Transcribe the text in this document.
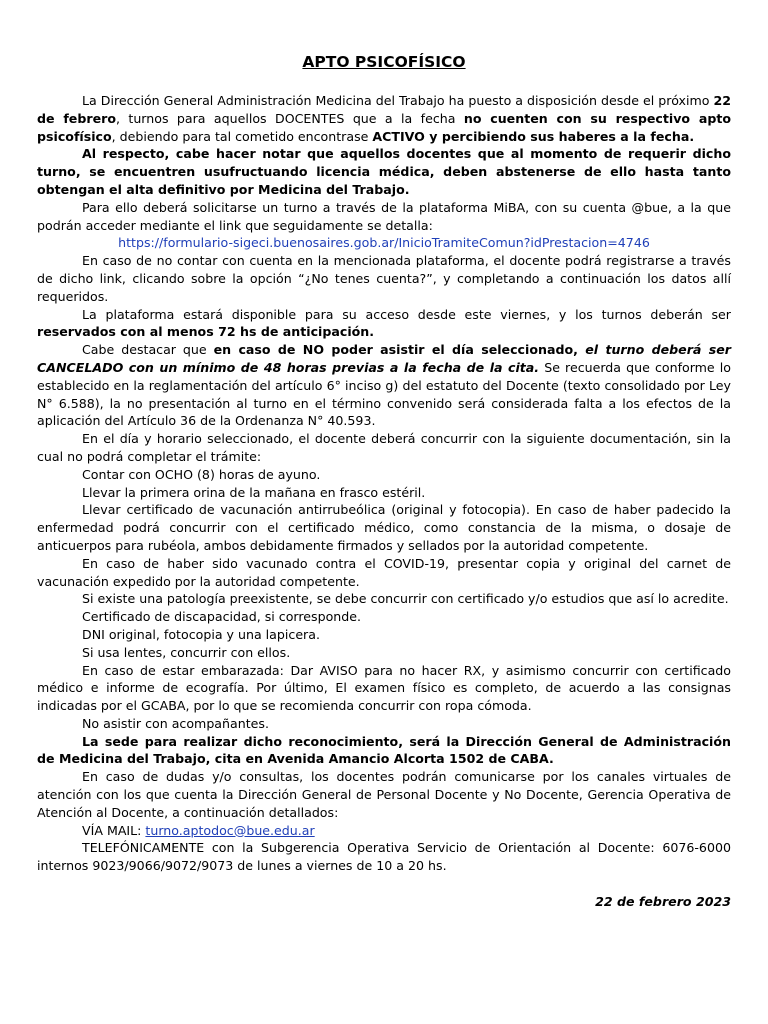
APTO PSICOFÍSICO

La Dirección General Administración Medicina del Trabajo ha puesto a disposición desde el próximo 22 de febrero, turnos para aquellos DOCENTES que a la fecha no cuenten con su respectivo apto psicofísico, debiendo para tal cometido encontrase ACTIVO y percibiendo sus haberes a la fecha.

Al respecto, cabe hacer notar que aquellos docentes que al momento de requerir dicho turno, se encuentren usufructuando licencia médica, deben abstenerse de ello hasta tanto obtengan el alta definitivo por Medicina del Trabajo.

Para ello deberá solicitarse un turno a través de la plataforma MiBA, con su cuenta @bue, a la que podrán acceder mediante el link que seguidamente se detalla:

https://formulario-sigeci.buenosaires.gob.ar/InicioTramiteComun?idPrestacion=4746

En caso de no contar con cuenta en la mencionada plataforma, el docente podrá registrarse a través de dicho link, clicando sobre la opción “¿No tenes cuenta?”, y completando a continuación los datos allí requeridos.

La plataforma estará disponible para su acceso desde este viernes, y los turnos deberán ser reservados con al menos 72 hs de anticipación.

Cabe destacar que en caso de NO poder asistir el día seleccionado, el turno deberá ser CANCELADO con un mínimo de 48 horas previas a la fecha de la cita. Se recuerda que conforme lo establecido en la reglamentación del artículo 6° inciso g) del estatuto del Docente (texto consolidado por Ley N° 6.588), la no presentación al turno en el término convenido será considerada falta a los efectos de la aplicación del Artículo 36 de la Ordenanza N° 40.593.

En el día y horario seleccionado, el docente deberá concurrir con la siguiente documentación, sin la cual no podrá completar el trámite:

Contar con OCHO (8) horas de ayuno.

Llevar la primera orina de la mañana en frasco estéril.

Llevar certificado de vacunación antirrubeólica (original y fotocopia). En caso de haber padecido la enfermedad podrá concurrir con el certificado médico, como constancia de la misma, o dosaje de anticuerpos para rubéola, ambos debidamente firmados y sellados por la autoridad competente.

En caso de haber sido vacunado contra el COVID-19, presentar copia y original del carnet de vacunación expedido por la autoridad competente.

Si existe una patología preexistente, se debe concurrir con certificado y/o estudios que así lo acredite.

Certificado de discapacidad, si corresponde.

DNI original, fotocopia y una lapicera.

Si usa lentes, concurrir con ellos.

En caso de estar embarazada: Dar AVISO para no hacer RX, y asimismo concurrir con certificado médico e informe de ecografía. Por último, El examen físico es completo, de acuerdo a las consignas indicadas por el GCABA, por lo que se recomienda concurrir con ropa cómoda.

No asistir con acompañantes.

La sede para realizar dicho reconocimiento, será la Dirección General de Administración de Medicina del Trabajo, cita en Avenida Amancio Alcorta 1502 de CABA.

En caso de dudas y/o consultas, los docentes podrán comunicarse por los canales virtuales de atención con los que cuenta la Dirección General de Personal Docente y No Docente, Gerencia Operativa de Atención al Docente, a continuación detallados:

VÍA MAIL: turno.aptodoc@bue.edu.ar

TELEFÓNICAMENTE con la Subgerencia Operativa Servicio de Orientación al Docente: 6076-6000 internos 9023/9066/9072/9073 de lunes a viernes de 10 a 20 hs.

22 de febrero 2023
